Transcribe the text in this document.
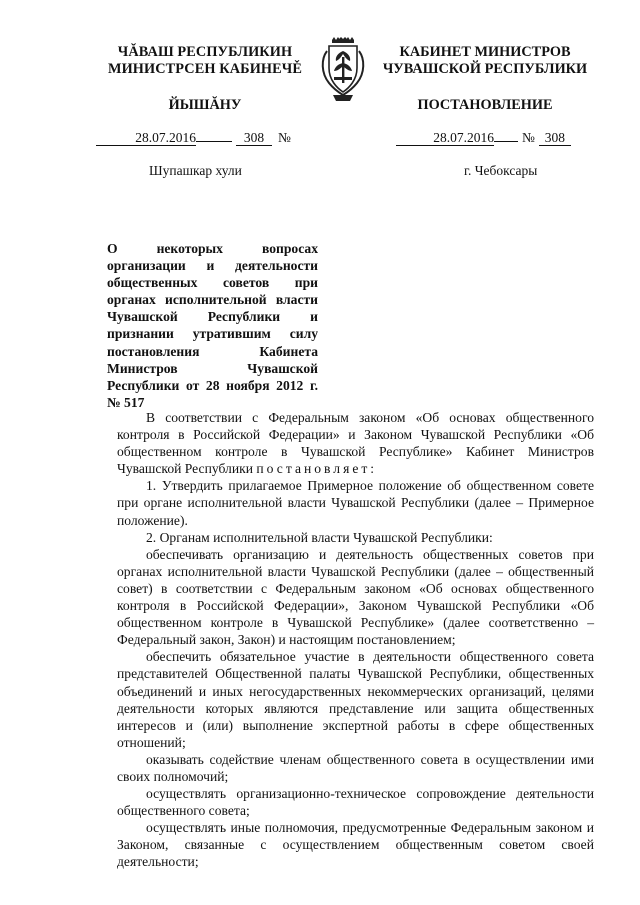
ЧĂВАШ РЕСПУБЛИКИН
МИНИСТРСЕН КАБИНЕЧĚ
ЙЫШĂНУ
КАБИНЕТ МИНИСТРОВ
ЧУВАШСКОЙ РЕСПУБЛИКИ
ПОСТАНОВЛЕНИЕ
28.07.2016	308 №	28.07.2016 № 308
Шупашкар хули	г. Чебоксары
О некоторых вопросах организации и деятельности общественных советов при органах исполнительной власти Чувашской Республики и признании утратившим силу постановления Кабинета Министров Чувашской Республики от 28 ноября 2012 г. № 517

В соответствии с Федеральным законом «Об основах общественного контроля в Российской Федерации» и Законом Чувашской Республики «Об общественном контроле в Чувашской Республике» Кабинет Министров Чувашской Республики постановляет:

1. Утвердить прилагаемое Примерное положение об общественном совете при органе исполнительной власти Чувашской Республики (далее – Примерное положение).

2. Органам исполнительной власти Чувашской Республики:

обеспечивать организацию и деятельность общественных советов при органах исполнительной власти Чувашской Республики (далее – общественный совет) в соответствии с Федеральным законом «Об основах общественного контроля в Российской Федерации», Законом Чувашской Республики «Об общественном контроле в Чувашской Республике» (далее соответственно – Федеральный закон, Закон) и настоящим постановлением;

обеспечить обязательное участие в деятельности общественного совета представителей Общественной палаты Чувашской Республики, общественных объединений и иных негосударственных некоммерческих организаций, целями деятельности которых являются представление или защита общественных интересов и (или) выполнение экспертной работы в сфере общественных отношений;

оказывать содействие членам общественного совета в осуществлении ими своих полномочий;

осуществлять организационно-техническое сопровождение деятельности общественного совета;

осуществлять иные полномочия, предусмотренные Федеральным законом и Законом, связанные с осуществлением общественным советом своей деятельности;
